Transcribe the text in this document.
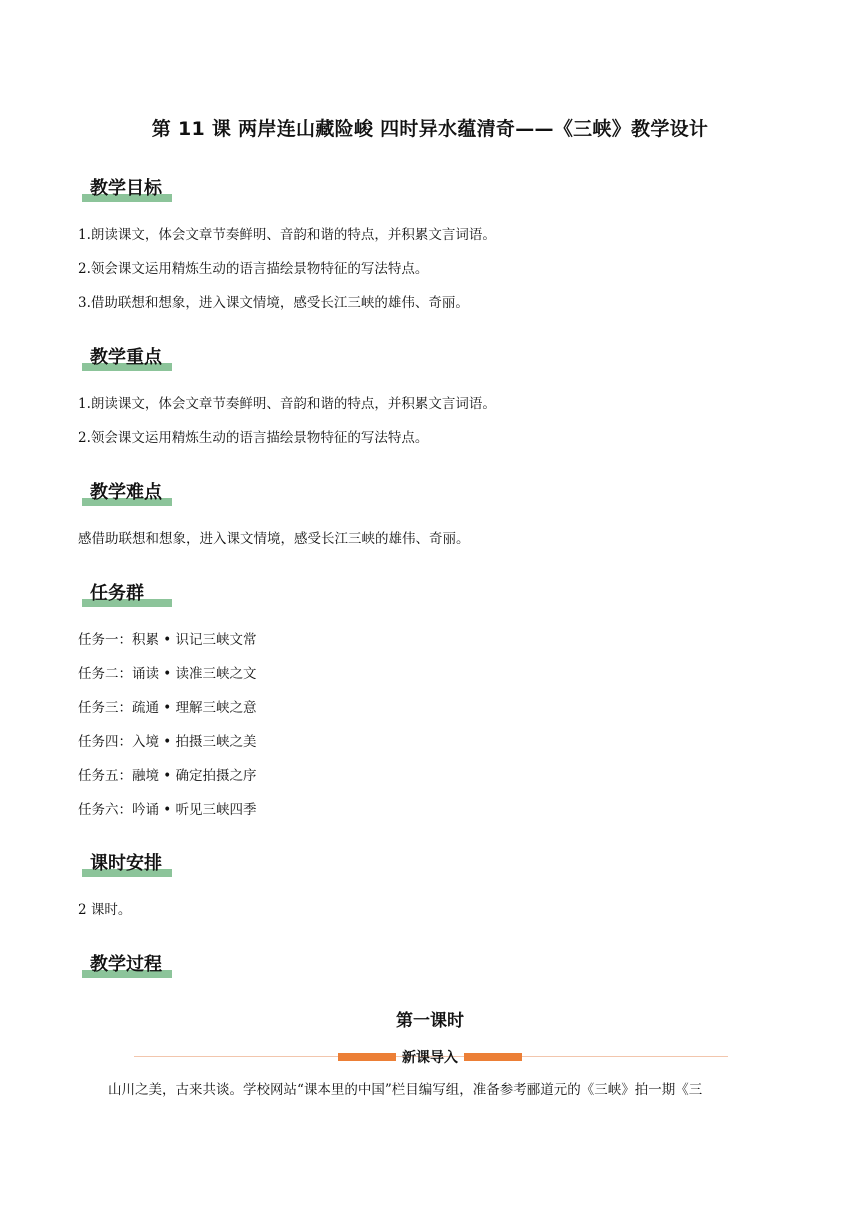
第 11 课 两岸连山藏险峻 四时异水蕴清奇——《三峡》教学设计
教学目标
1.朗读课文，体会文章节奏鲜明、音韵和谐的特点，并积累文言词语。
2.领会课文运用精炼生动的语言描绘景物特征的写法特点。
3.借助联想和想象，进入课文情境，感受长江三峡的雄伟、奇丽。
教学重点
1.朗读课文，体会文章节奏鲜明、音韵和谐的特点，并积累文言词语。
2.领会课文运用精炼生动的语言描绘景物特征的写法特点。
教学难点
感借助联想和想象，进入课文情境，感受长江三峡的雄伟、奇丽。
任务群
任务一：积累 • 识记三峡文常
任务二：诵读 • 读准三峡之文
任务三：疏通 • 理解三峡之意
任务四：入境 • 拍摄三峡之美
任务五：融境 • 确定拍摄之序
任务六：吟诵 • 听见三峡四季
课时安排
2 课时。
教学过程
第一课时
新课导入
山川之美，古来共谈。学校网站“课本里的中国”栏目编写组，准备参考郦道元的《三峡》拍一期《三
